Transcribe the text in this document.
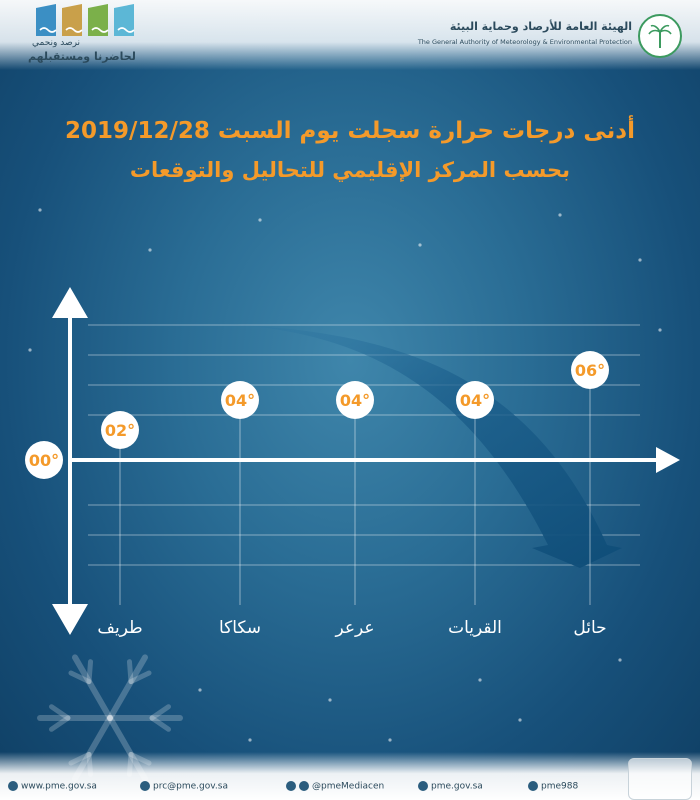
الهيئة العامة للأرصاد وحماية البيئة
The General Authority of Meteorology & Environmental Protection
نرصد ونحمي
لحاضرنا ومستقبلهم
أدنى درجات حرارة سجلت يوم السبت 2019/12/28
بحسب المركز الإقليمي للتحاليل والتوقعات
00°
02°
طريف
04°
سكاكا
04°
عرعر
04°
القريات
06°
حائل
www.pme.gov.sa	prc@pme.gov.sa	@pmeMediacen	pme.gov.sa	pme988
